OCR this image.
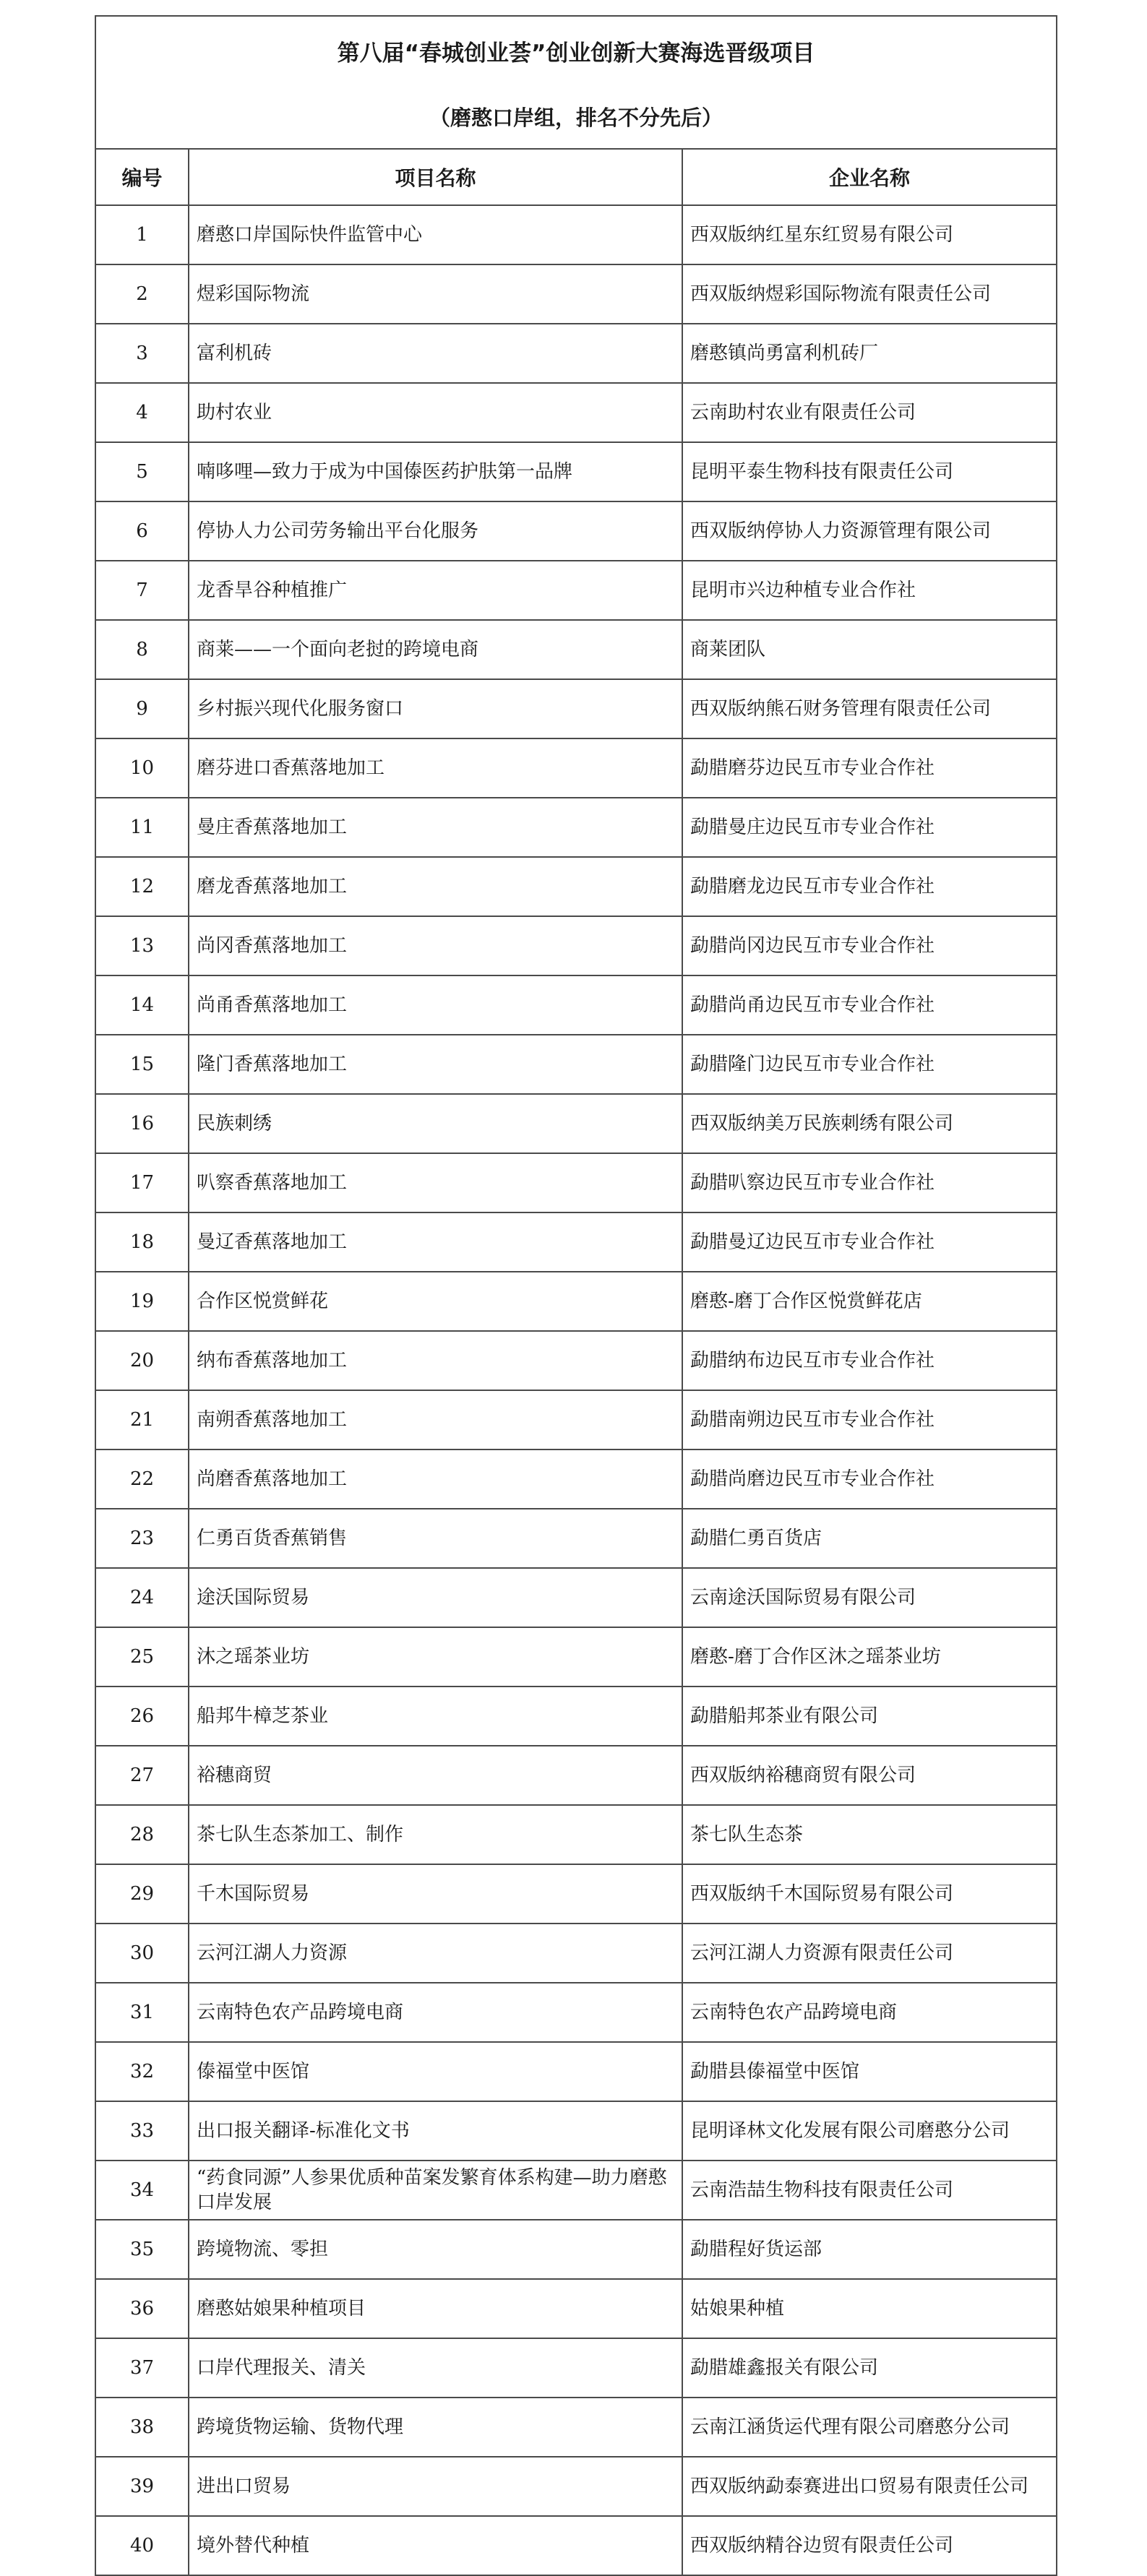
第八届“春城创业荟”创业创新大赛海选晋级项目		
（磨憨口岸组，排名不分先后）		
编号	项目名称	企业名称
1	磨憨口岸国际快件监管中心	西双版纳红星东红贸易有限公司
2	煜彩国际物流	西双版纳煜彩国际物流有限责任公司
3	富利机砖	磨憨镇尚勇富利机砖厂
4	助村农业	云南助村农业有限责任公司
5	喃哆哩—致力于成为中国傣医药护肤第一品牌	昆明平泰生物科技有限责任公司
6	停协人力公司劳务输出平台化服务	西双版纳停协人力资源管理有限公司
7	龙香旱谷种植推广	昆明市兴边种植专业合作社
8	商莱——一个面向老挝的跨境电商	商莱团队
9	乡村振兴现代化服务窗口	西双版纳熊石财务管理有限责任公司
10	磨芬进口香蕉落地加工	勐腊磨芬边民互市专业合作社
11	曼庄香蕉落地加工	勐腊曼庄边民互市专业合作社
12	磨龙香蕉落地加工	勐腊磨龙边民互市专业合作社
13	尚冈香蕉落地加工	勐腊尚冈边民互市专业合作社
14	尚甬香蕉落地加工	勐腊尚甬边民互市专业合作社
15	隆门香蕉落地加工	勐腊隆门边民互市专业合作社
16	民族刺绣	西双版纳美万民族刺绣有限公司
17	叭察香蕉落地加工	勐腊叭察边民互市专业合作社
18	曼辽香蕉落地加工	勐腊曼辽边民互市专业合作社
19	合作区悦赏鲜花	磨憨-磨丁合作区悦赏鲜花店
20	纳布香蕉落地加工	勐腊纳布边民互市专业合作社
21	南朔香蕉落地加工	勐腊南朔边民互市专业合作社
22	尚磨香蕉落地加工	勐腊尚磨边民互市专业合作社
23	仁勇百货香蕉销售	勐腊仁勇百货店
24	途沃国际贸易	云南途沃国际贸易有限公司
25	沐之瑶茶业坊	磨憨-磨丁合作区沐之瑶茶业坊
26	船邦牛樟芝茶业	勐腊船邦茶业有限公司
27	裕穗商贸	西双版纳裕穗商贸有限公司
28	茶七队生态茶加工、制作	茶七队生态茶
29	千木国际贸易	西双版纳千木国际贸易有限公司
30	云河江湖人力资源	云河江湖人力资源有限责任公司
31	云南特色农产品跨境电商	云南特色农产品跨境电商
32	傣福堂中医馆	勐腊县傣福堂中医馆
33	出口报关翻译-标准化文书	昆明译林文化发展有限公司磨憨分公司
34	“药食同源”人参果优质种苗案发繁育体系构建—助力磨憨口岸发展	云南浩喆生物科技有限责任公司
35	跨境物流、零担	勐腊程好货运部
36	磨憨姑娘果种植项目	姑娘果种植
37	口岸代理报关、清关	勐腊雄鑫报关有限公司
38	跨境货物运输、货物代理	云南江涵货运代理有限公司磨憨分公司
39	进出口贸易	西双版纳勐泰赛进出口贸易有限责任公司
40	境外替代种植	西双版纳精谷边贸有限责任公司
